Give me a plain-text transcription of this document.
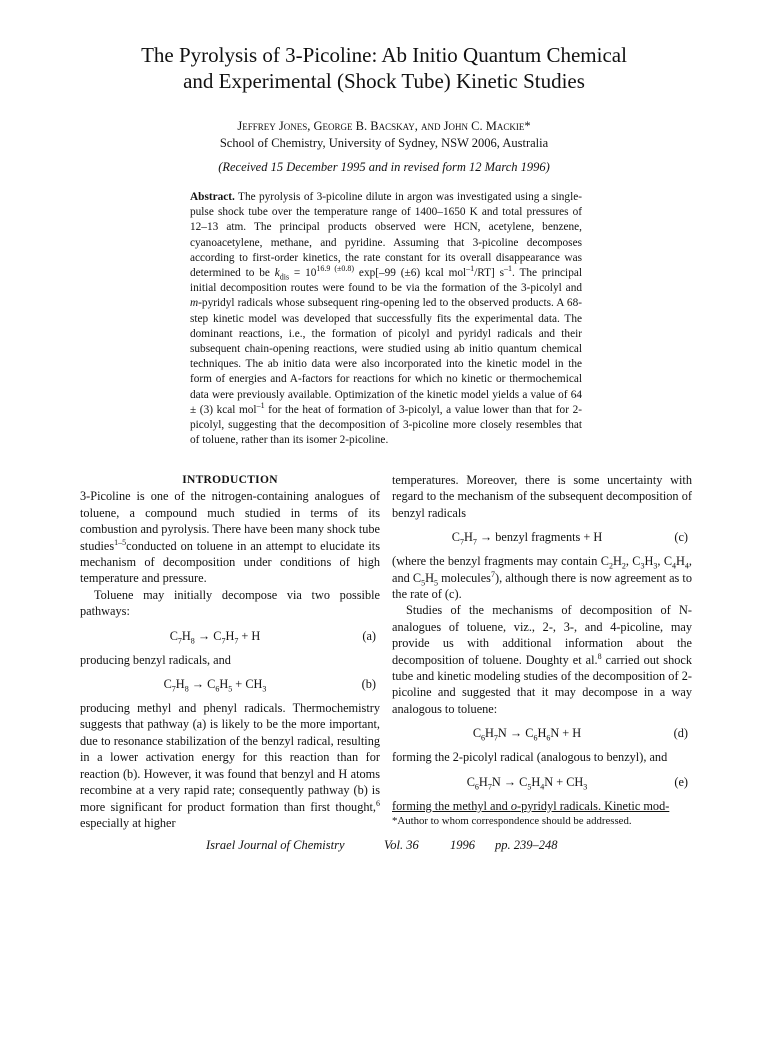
The Pyrolysis of 3-Picoline: Ab Initio Quantum Chemical
and Experimental (Shock Tube) Kinetic Studies
Jeffrey Jones, George B. Bacskay, and John C. Mackie*
School of Chemistry, University of Sydney, NSW 2006, Australia
(Received 15 December 1995 and in revised form 12 March 1996)
Abstract. The pyrolysis of 3-picoline dilute in argon was investigated using a single-pulse shock tube over the temperature range of 1400–1650 K and total pressures of 12–13 atm. The principal products observed were HCN, acetylene, benzene, cyanoacetylene, methane, and pyridine. Assuming that 3-picoline decomposes according to first-order kinetics, the rate constant for its overall disappearance was determined to be $k_{dis} = 10^{16.9 (\pm 0.8)}$ exp[–99 (±6) kcal mol$^{-1}$/RT] $s^{-1}$. The principal initial decomposition routes were found to be via the formation of the 3-picolyl and m-pyridyl radicals whose subsequent ring-opening led to the observed products. A 68-step kinetic model was developed that successfully fits the experimental data. The dominant reactions, i.e., the formation of picolyl and pyridyl radicals and their subsequent chain-opening reactions, were studied using ab initio quantum chemical techniques. The ab initio data were also incorporated into the kinetic model in the form of energies and A-factors for reactions for which no kinetic or thermochemical data were previously available. Optimization of the kinetic model yields a value of 64 ± (3) kcal mol$^{-1}$ for the heat of formation of 3-picolyl, a value lower than that for 2-picolyl, suggesting that the decomposition of 3-picoline more closely resembles that of toluene, rather than its isomer 2-picoline.

INTRODUCTION

3-Picoline is one of the nitrogen-containing analogues of toluene, a compound much studied in terms of its combustion and pyrolysis. There have been many shock tube studies$^{1-5}$conducted on toluene in an attempt to elucidate its mechanism of decomposition under conditions of high temperature and pressure.

Toluene may initially decompose via two possible pathways:

$C_7H_8 \to C_7H_7 + H$	(a)

producing benzyl radicals, and

$C_7H_8 \to C_6H_5 + CH_3$	(b)

producing methyl and phenyl radicals. Thermochemistry suggests that pathway (a) is likely to be the more important, due to resonance stabilization of the benzyl radical, resulting in a lower activation energy for this reaction than for reaction (b). However, it was found that benzyl and H atoms recombine at a very rapid rate; consequently pathway (b) is more significant for product formation than first thought,$^6$ especially at higher

temperatures. Moreover, there is some uncertainty with regard to the mechanism of the subsequent decomposition of benzyl radicals

$C_7H_7$ → benzyl fragments + H	(c)

(where the benzyl fragments may contain $C_2H_2$, $C_3H_3$, $C_4H_4$, and $C_5H_5$ molecules$^7$), although there is now agreement as to the rate of (c).

Studies of the mechanisms of decomposition of N-analogues of toluene, viz., 2-, 3-, and 4-picoline, may provide us with additional information about the decomposition of toluene. Doughty et al.$^8$ carried out shock tube and kinetic modeling studies of the decomposition of 2-picoline and suggested that it may decompose in a way analogous to toluene:

$C_6H_7N \to C_6H_6N + H$	(d)

forming the 2-picolyl radical (analogous to benzyl), and

$C_6H_7N \to C_5H_4N + CH_3$	(e)

forming the methyl and o-pyridyl radicals. Kinetic mod-

*Author to whom correspondence should be addressed.
Israel Journal of Chemistry	Vol. 36	1996 pp. 239–248
